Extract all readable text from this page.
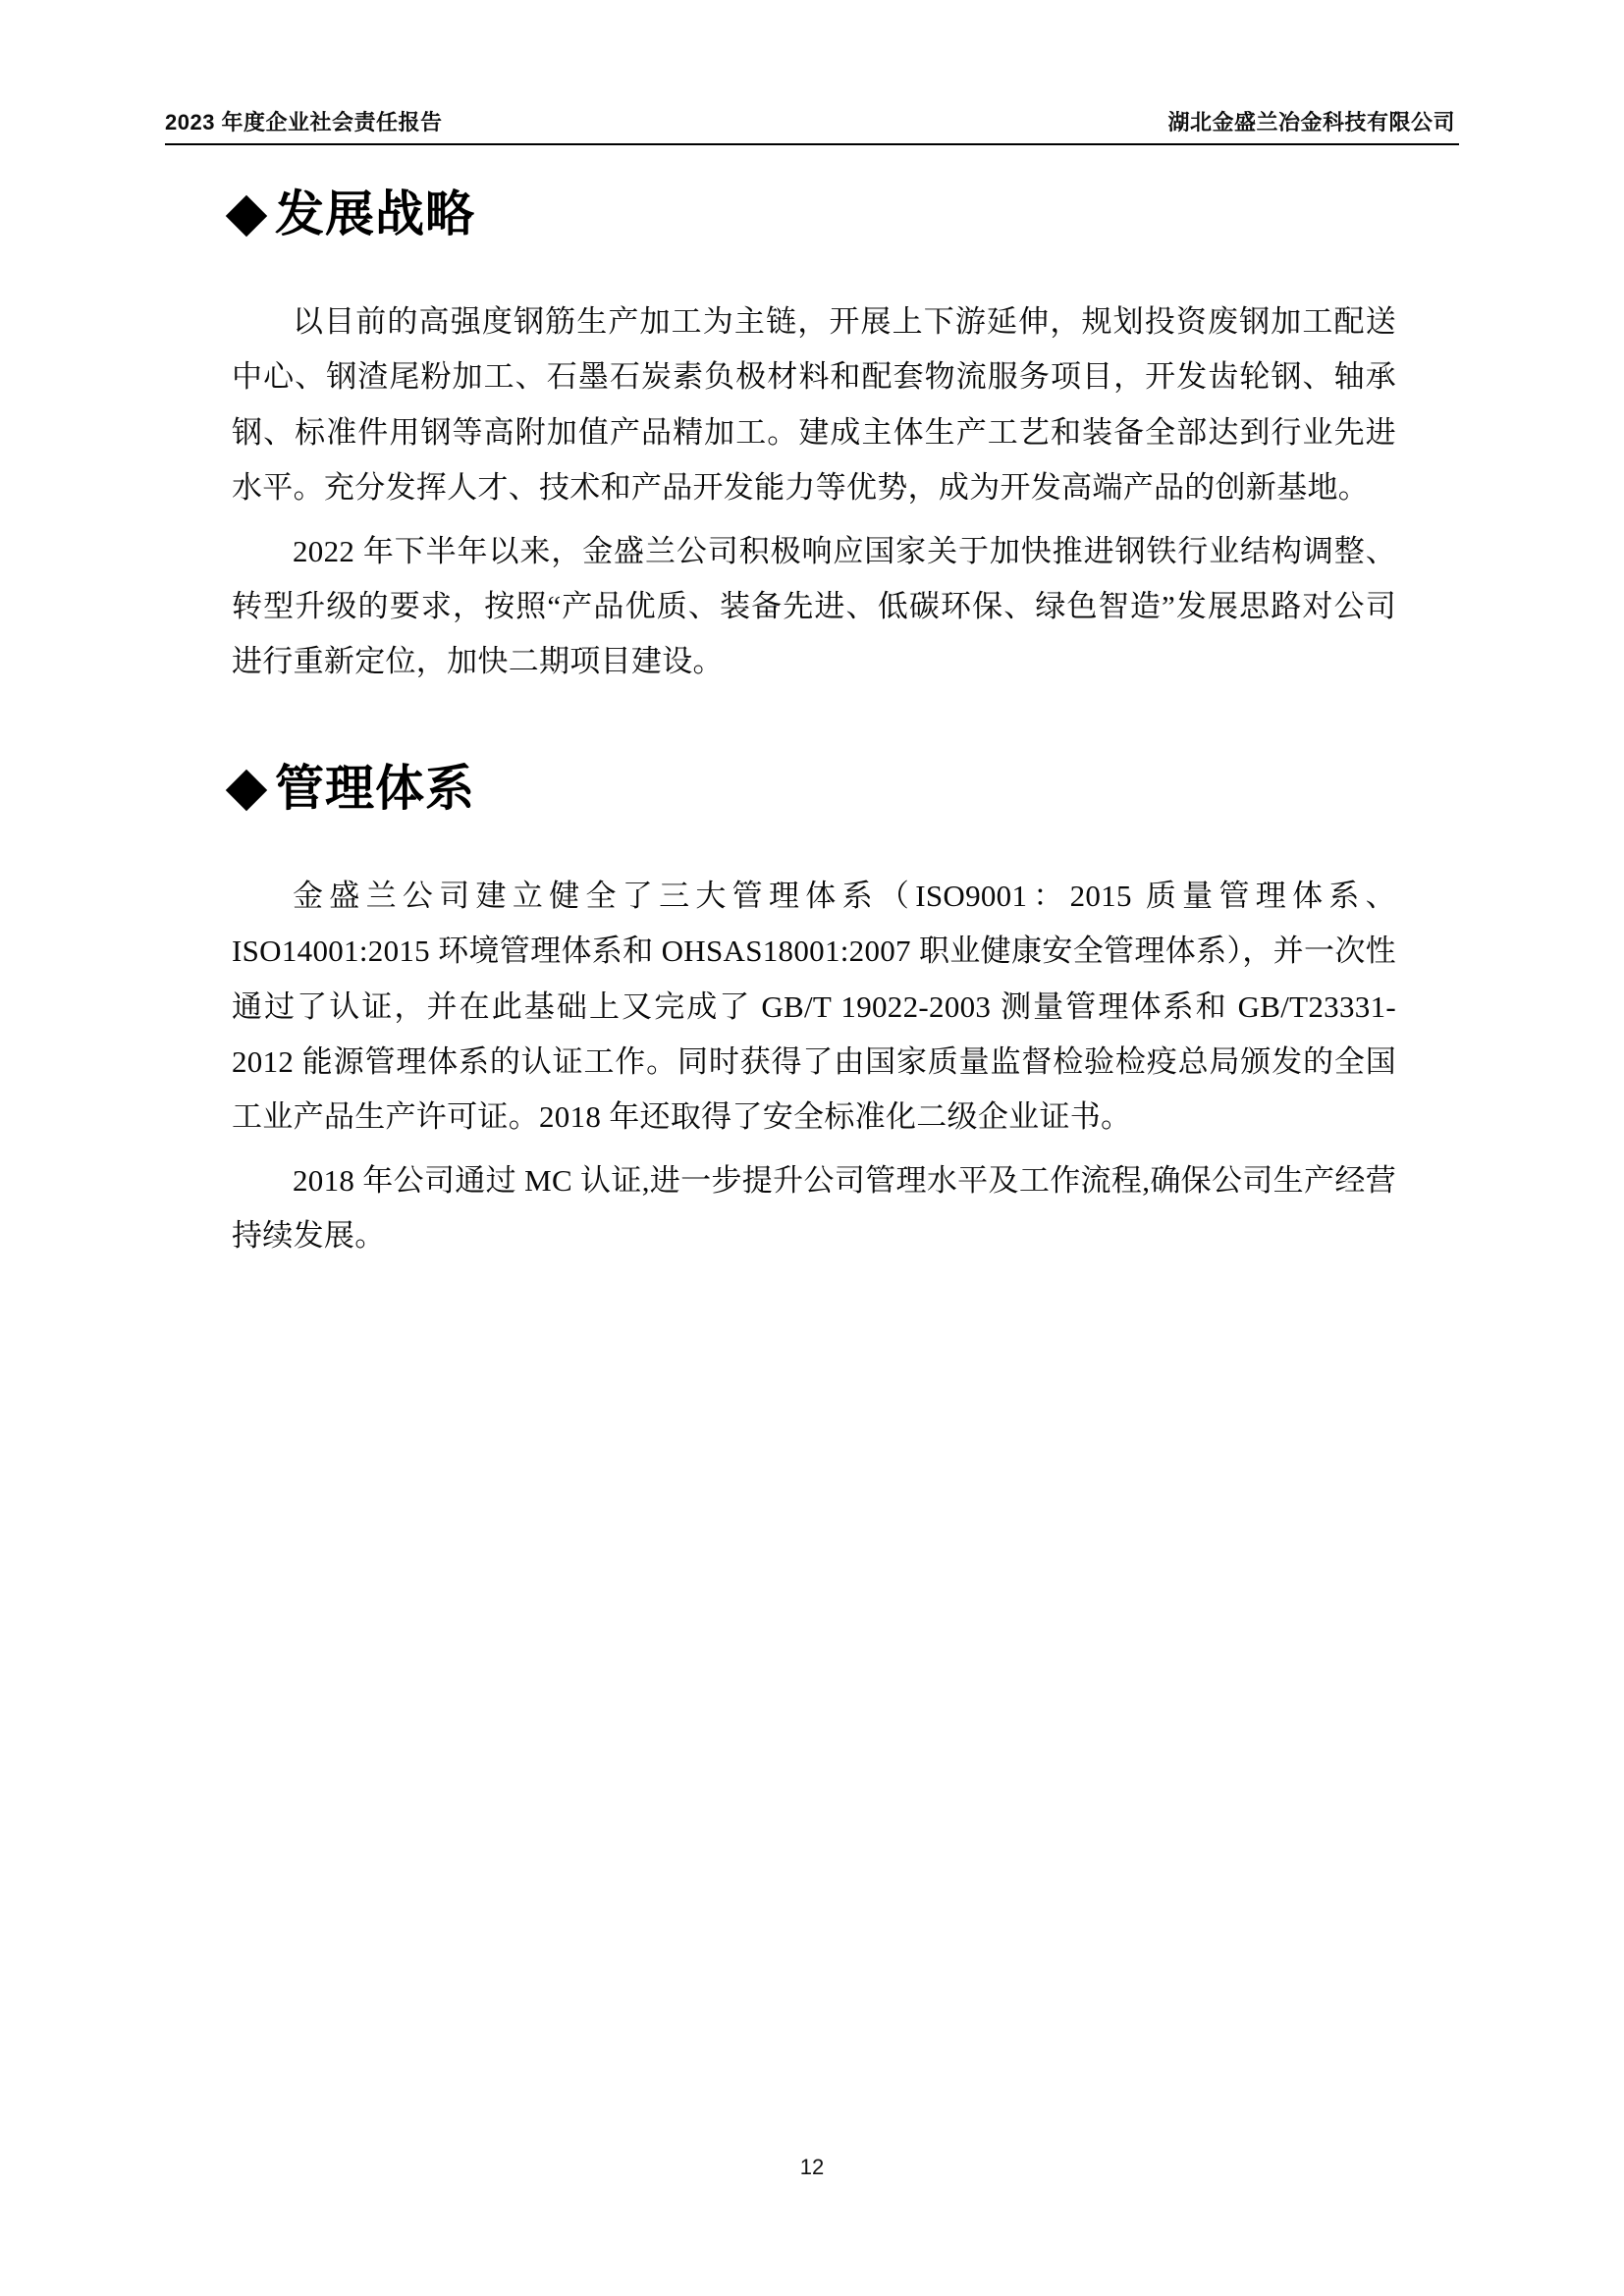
2023 年度企业社会责任报告	湖北金盛兰冶金科技有限公司
发展战略

以目前的高强度钢筋生产加工为主链，开展上下游延伸，规划投资废钢加工配送中心、钢渣尾粉加工、石墨石炭素负极材料和配套物流服务项目，开发齿轮钢、轴承钢、标准件用钢等高附加值产品精加工。建成主体生产工艺和装备全部达到行业先进水平。充分发挥人才、技术和产品开发能力等优势，成为开发高端产品的创新基地。

2022 年下半年以来，金盛兰公司积极响应国家关于加快推进钢铁行业结构调整、转型升级的要求，按照“产品优质、装备先进、低碳环保、绿色智造”发展思路对公司进行重新定位，加快二期项目建设。

管理体系

金盛兰公司建立健全了三大管理体系（ISO9001：2015 质量管理体系、ISO14001:2015 环境管理体系和 OHSAS18001:2007 职业健康安全管理体系），并一次性通过了认证，并在此基础上又完成了 GB/T 19022-2003 测量管理体系和 GB/T23331-2012 能源管理体系的认证工作。同时获得了由国家质量监督检验检疫总局颁发的全国工业产品生产许可证。2018 年还取得了安全标准化二级企业证书。

2018 年公司通过 MC 认证,进一步提升公司管理水平及工作流程,确保公司生产经营持续发展。

12
